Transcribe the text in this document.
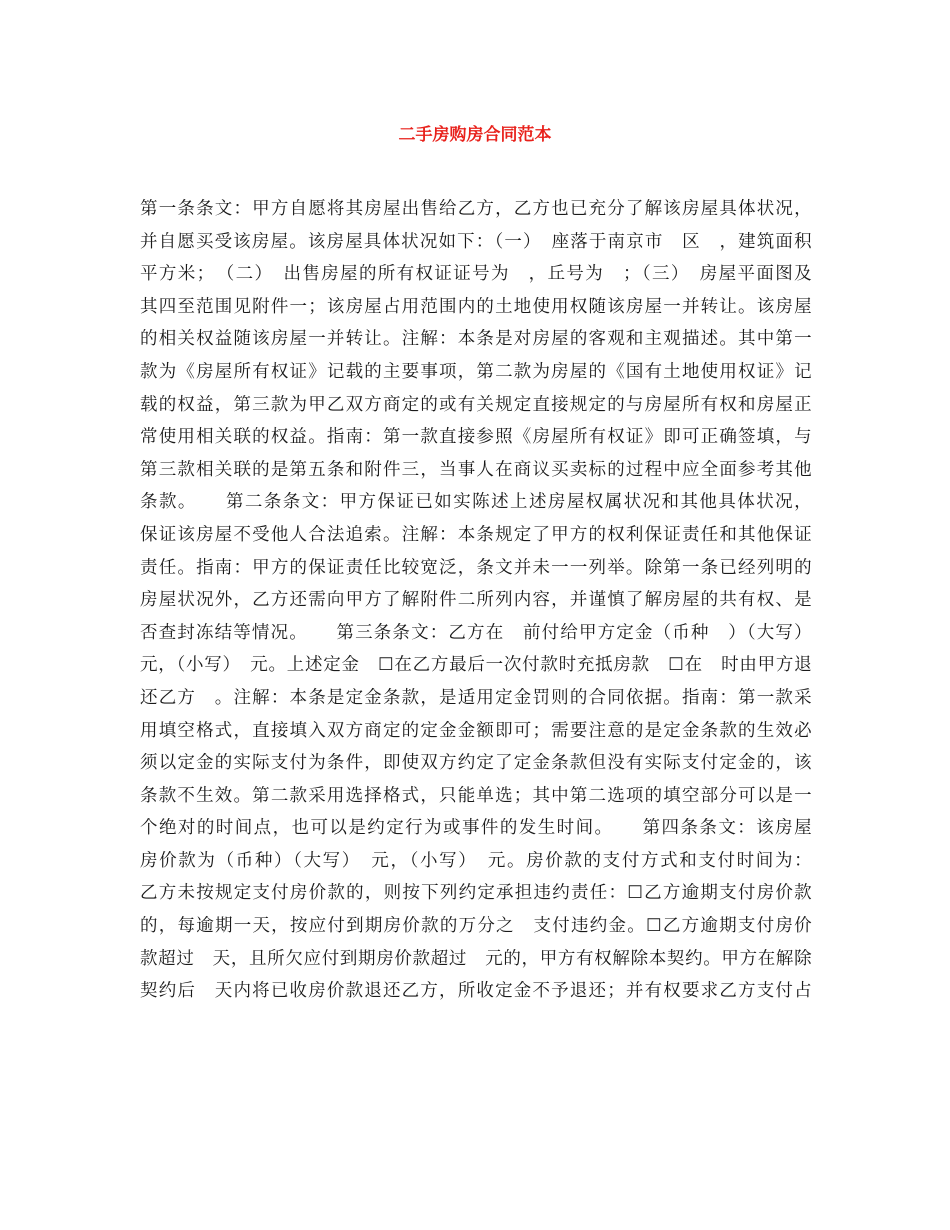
二手房购房合同范本
第一条条文：甲方自愿将其房屋出售给乙方，乙方也已充分了解该房屋具体状况，
并自愿买受该房屋。该房屋具体状况如下：（一）　座落于南京市　区　，建筑面积
平方米；　（二）　出售房屋的所有权证证号为　，丘号为　；（三）　房屋平面图及
其四至范围见附件一；该房屋占用范围内的土地使用权随该房屋一并转让。该房屋
的相关权益随该房屋一并转让。注解：本条是对房屋的客观和主观描述。其中第一
款为《房屋所有权证》记载的主要事项，第二款为房屋的《国有土地使用权证》记
载的权益，第三款为甲乙双方商定的或有关规定直接规定的与房屋所有权和房屋正
常使用相关联的权益。指南：第一款直接参照《房屋所有权证》即可正确签填，与
第三款相关联的是第五条和附件三，当事人在商议买卖标的过程中应全面参考其他
条款。　　第二条条文：甲方保证已如实陈述上述房屋权属状况和其他具体状况，
保证该房屋不受他人合法追索。注解：本条规定了甲方的权利保证责任和其他保证
责任。指南：甲方的保证责任比较宽泛，条文并未一一列举。除第一条已经列明的
房屋状况外，乙方还需向甲方了解附件二所列内容，并谨慎了解房屋的共有权、是
否查封冻结等情况。　　第三条条文：乙方在　前付给甲方定金（币种　）（大写）
元，（小写）　元。上述定金　☐在乙方最后一次付款时充抵房款　☐在　时由甲方退
还乙方　。注解：本条是定金条款，是适用定金罚则的合同依据。指南：第一款采
用填空格式，直接填入双方商定的定金金额即可；需要注意的是定金条款的生效必
须以定金的实际支付为条件，即使双方约定了定金条款但没有实际支付定金的，该
条款不生效。第二款采用选择格式，只能单选；其中第二选项的填空部分可以是一
个绝对的时间点，也可以是约定行为或事件的发生时间。　　第四条条文：该房屋
房价款为（币种）（大写）　元，（小写）　元。房价款的支付方式和支付时间为：
乙方未按规定支付房价款的，则按下列约定承担违约责任：☐乙方逾期支付房价款
的，每逾期一天，按应付到期房价款的万分之　支付违约金。☐乙方逾期支付房价
款超过　天，且所欠应付到期房价款超过　元的，甲方有权解除本契约。甲方在解除
契约后　天内将已收房价款退还乙方，所收定金不予退还；并有权要求乙方支付占
